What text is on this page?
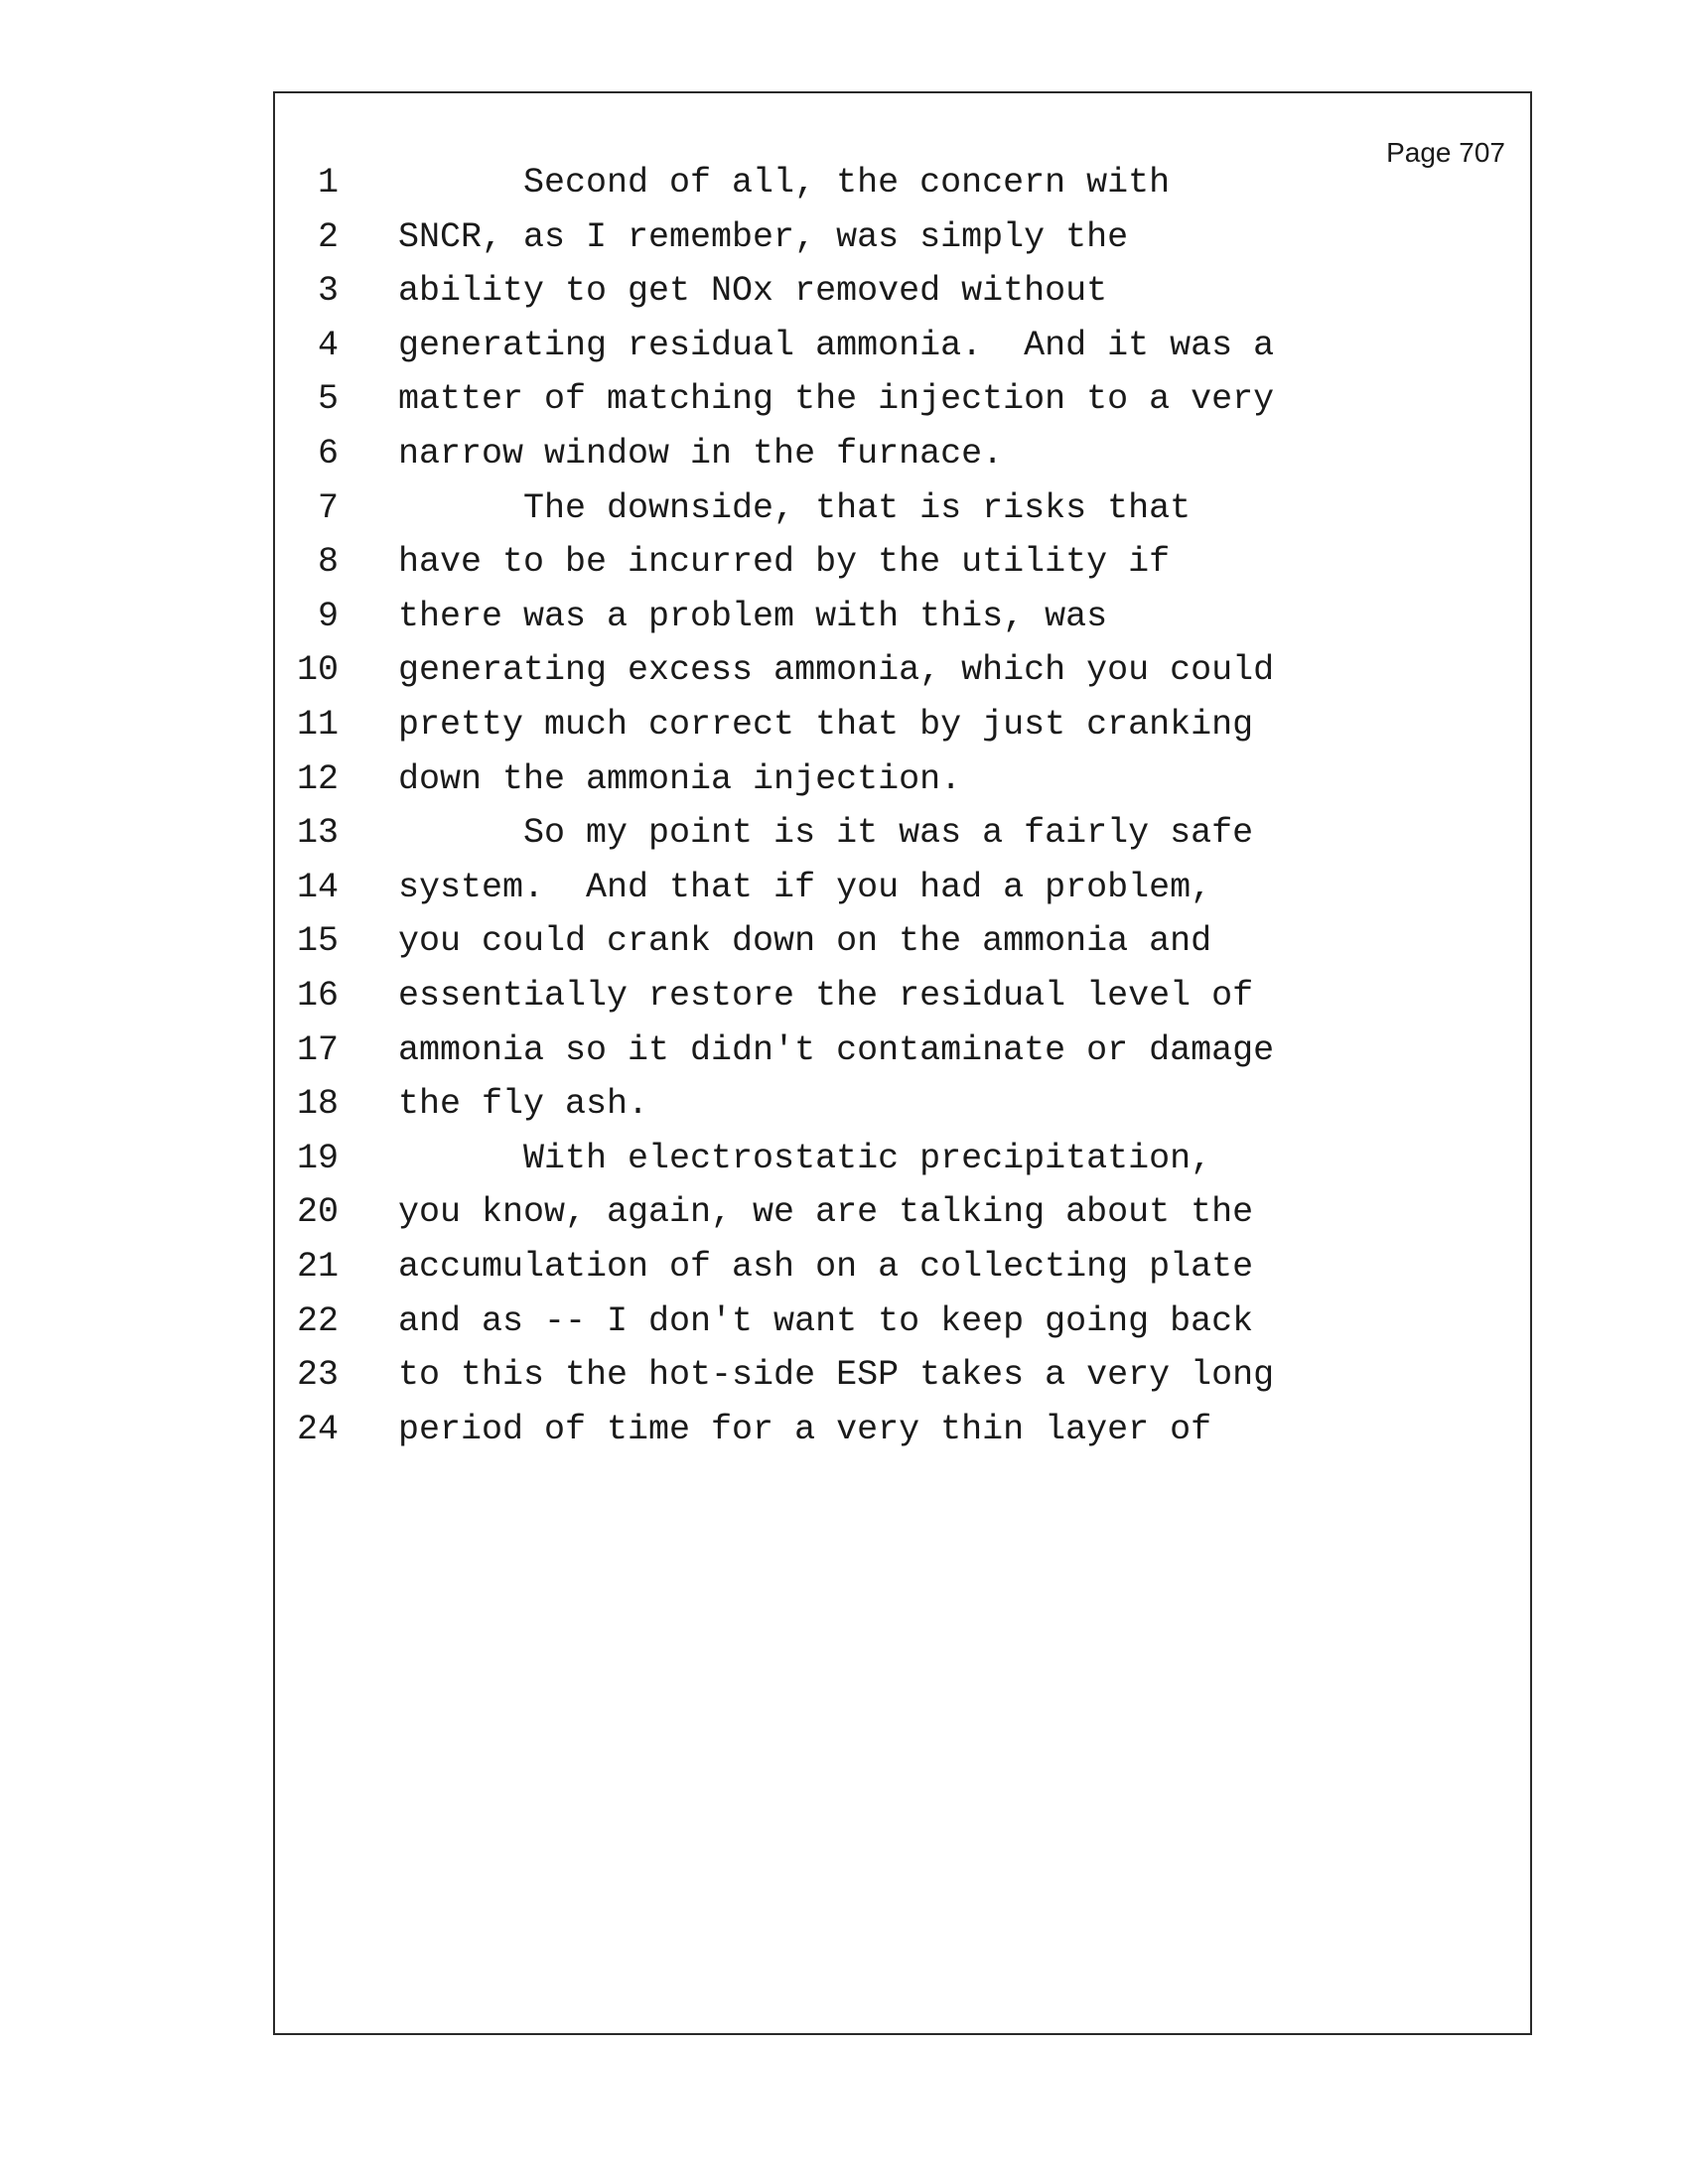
Page 707
1 Second of all, the concern with
2 SNCR, as I remember, was simply the
3 ability to get NOx removed without
4 generating residual ammonia.  And it was a
5 matter of matching the injection to a very
6 narrow window in the furnace.
7 The downside, that is risks that
8 have to be incurred by the utility if
9 there was a problem with this, was
10 generating excess ammonia, which you could
11 pretty much correct that by just cranking
12 down the ammonia injection.
13 So my point is it was a fairly safe
14 system.  And that if you had a problem,
15 you could crank down on the ammonia and
16 essentially restore the residual level of
17 ammonia so it didn't contaminate or damage
18 the fly ash.
19 With electrostatic precipitation,
20 you know, again, we are talking about the
21 accumulation of ash on a collecting plate
22 and as -- I don't want to keep going back
23 to this the hot-side ESP takes a very long
24 period of time for a very thin layer of
